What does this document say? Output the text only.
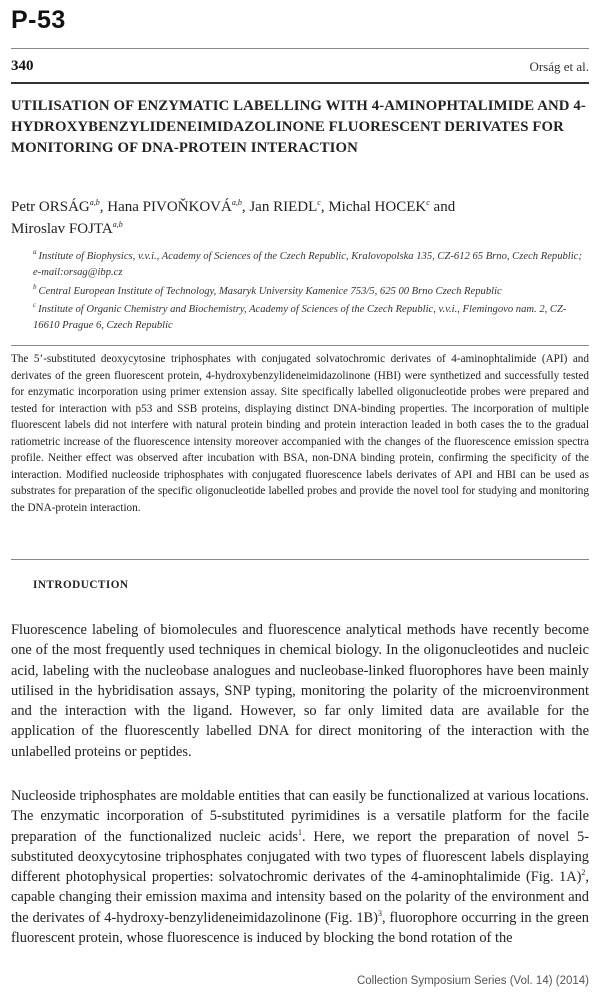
P-53
340	Orság et al.
UTILISATION OF ENZYMATIC LABELLING WITH 4-AMINOPHTALIMIDE AND 4-HYDROXYBENZYLIDENEIMIDAZOLINONE FLUORESCENT DERIVATES FOR MONITORING OF DNA-PROTEIN INTERACTION
Petr ORSÁG$^{a,b}$, Hana PIVOŇKOVÁ$^{a,b}$, Jan RIEDL$^c$, Michal HOCEK$^c$ and
Miroslav FOJTA$^{a,b}$
$^a$ Institute of Biophysics, v.v.i., Academy of Sciences of the Czech Republic, Kralovopolska 135, CZ-612 65 Brno, Czech Republic; e-mail:orsag@ibp.cz
$^b$ Central European Institute of Technology, Masaryk University Kamenice 753/5, 625 00 Brno Czech Republic
$^c$ Institute of Organic Chemistry and Biochemistry, Academy of Sciences of the Czech Republic, v.v.i., Flemingovo nam. 2, CZ-16610 Prague 6, Czech Republic
The 5’-substituted deoxycytosine triphosphates with conjugated solvatochromic derivates of 4-aminophtalimide (API) and derivates of the green fluorescent protein, 4-hydroxybenzylideneimidazolinone (HBI) were synthetized and successfully tested for enzymatic incorporation using primer extension assay. Site specifically labelled oligonucleotide probes were prepared and tested for interaction with p53 and SSB proteins, displaying distinct DNA-binding properties. The incorporation of multiple fluorescent labels did not interfere with natural protein binding and protein interaction leaded in both cases the to the gradual ratiometric increase of the fluorescence intensity moreover accompanied with the changes of the fluorescence emission spectra profile. Neither effect was observed after incubation with BSA, non-DNA binding protein, confirming the specificity of the interaction. Modified nucleoside triphosphates with conjugated fluorescence labels derivates of API and HBI can be used as substrates for preparation of the specific oligonucleotide labelled probes and provide the novel tool for studying and monitoring the DNA-protein interaction.
INTRODUCTION
Fluorescence labeling of biomolecules and fluorescence analytical methods have recently become one of the most frequently used techniques in chemical biology. In the oligonucleotides and nucleic acid, labeling with the nucleobase analogues and nucleobase-linked fluorophores have been mainly utilised in the hybridisation assays, SNP typing, monitoring the polarity of the microenvironment and the interaction with the ligand. However, so far only limited data are available for the application of the fluorescently labelled DNA for direct monitoring of the interaction with the unlabelled proteins or peptides.
Nucleoside triphosphates are moldable entities that can easily be functionalized at various locations. The enzymatic incorporation of 5-substituted pyrimidines is a versatile platform for the facile preparation of the functionalized nucleic acids$^1$. Here, we report the preparation of novel 5-substituted deoxycytosine triphosphates conjugated with two types of fluorescent labels displaying different photophysical properties: solvatochromic derivates of the 4-aminophtalimide (Fig. 1A)$^2$, capable changing their emission maxima and intensity based on the polarity of the environment and the derivates of 4-hydroxy-benzylideneimidazolinone (Fig. 1B)$^3$, fluorophore occurring in the green fluorescent protein, whose fluorescence is induced by blocking the bond rotation of the
Collection Symposium Series (Vol. 14) (2014)
